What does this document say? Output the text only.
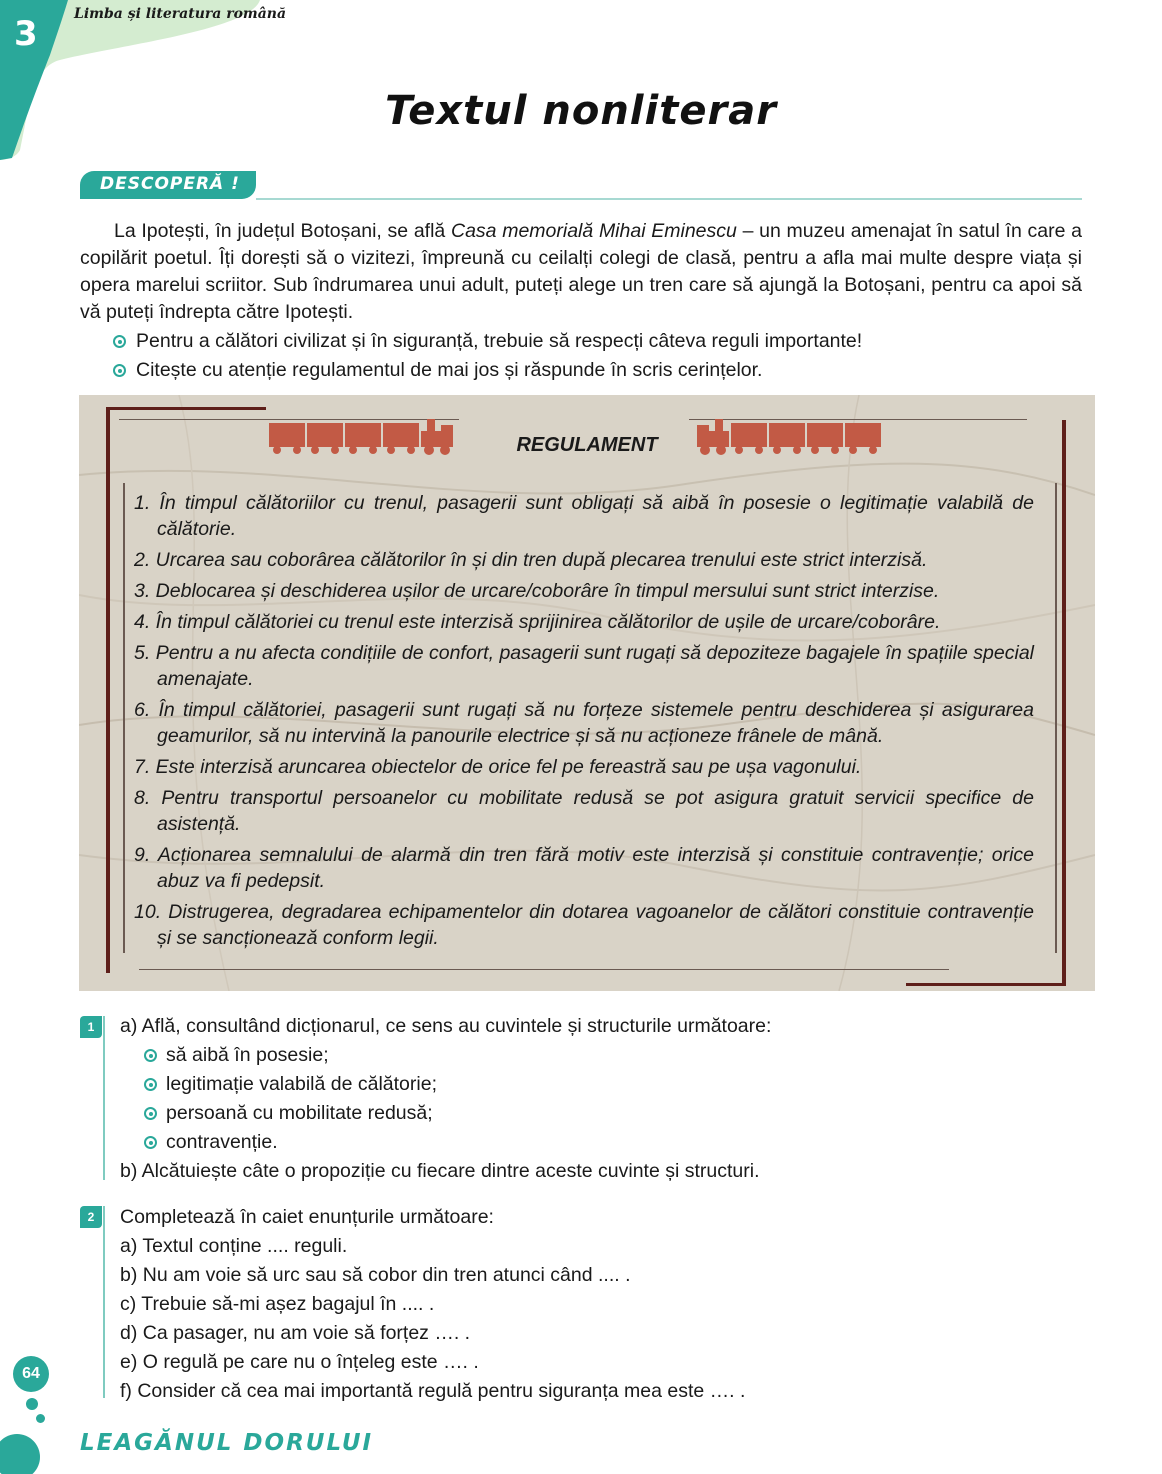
3	Limba și literatura română
Textul nonliterar
DESCOPERĂ !

La Ipotești, în județul Botoșani, se află Casa memorială Mihai Eminescu – un muzeu amenajat în satul în care a copilărit poetul. Îți dorești să o vizitezi, împreună cu ceilalți colegi de clasă, pentru a afla mai multe despre viața și opera marelui scriitor. Sub îndrumarea unui adult, puteți alege un tren care să ajungă la Botoșani, pentru ca apoi să vă puteți îndrepta către Ipotești.

Pentru a călători civilizat și în siguranță, trebuie să respecți câteva reguli importante!
Citește cu atenție regulamentul de mai jos și răspunde în scris cerințelor.
REGULAMENT
1. În timpul călătoriilor cu trenul, pasagerii sunt obligați să aibă în posesie o legitimație valabilă de călătorie.
2. Urcarea sau coborârea călătorilor în și din tren după plecarea trenului este strict interzisă.
3. Deblocarea și deschiderea ușilor de urcare/coborâre în timpul mersului sunt strict interzise.
4. În timpul călătoriei cu trenul este interzisă sprijinirea călătorilor de ușile de urcare/coborâre.
5. Pentru a nu afecta condițiile de confort, pasagerii sunt rugați să depoziteze bagajele în spațiile special amenajate.
6. În timpul călătoriei, pasagerii sunt rugați să nu forțeze sistemele pentru deschiderea și asigurarea geamurilor, să nu intervină la panourile electrice și să nu acționeze frânele de mână.
7. Este interzisă aruncarea obiectelor de orice fel pe fereastră sau pe ușa vagonului.
8. Pentru transportul persoanelor cu mobilitate redusă se pot asigura gratuit servicii specifice de asistență.
9. Acționarea semnalului de alarmă din tren fără motiv este interzisă și constituie contravenție; orice abuz va fi pedepsit.
10. Distrugerea, degradarea echipamentelor din dotarea vagoanelor de călători constituie contravenție și se sancționează conform legii.
1	a) Află, consultând dicționarul, ce sens au cuvintele și structurile următoare:
să aibă în posesie;
legitimație valabilă de călătorie;
persoană cu mobilitate redusă;
contravenție.
b) Alcătuiește câte o propoziție cu fiecare dintre aceste cuvinte și structuri.
2	Completează în caiet enunțurile următoare:
a) Textul conține .... reguli.
b) Nu am voie să urc sau să cobor din tren atunci când .... .
c) Trebuie să-mi așez bagajul în .... .
d) Ca pasager, nu am voie să forțez …. .
e) O regulă pe care nu o înțeleg este …. .
f) Consider că cea mai importantă regulă pentru siguranța mea este …. .
64
LEAGĂNUL DORULUI
